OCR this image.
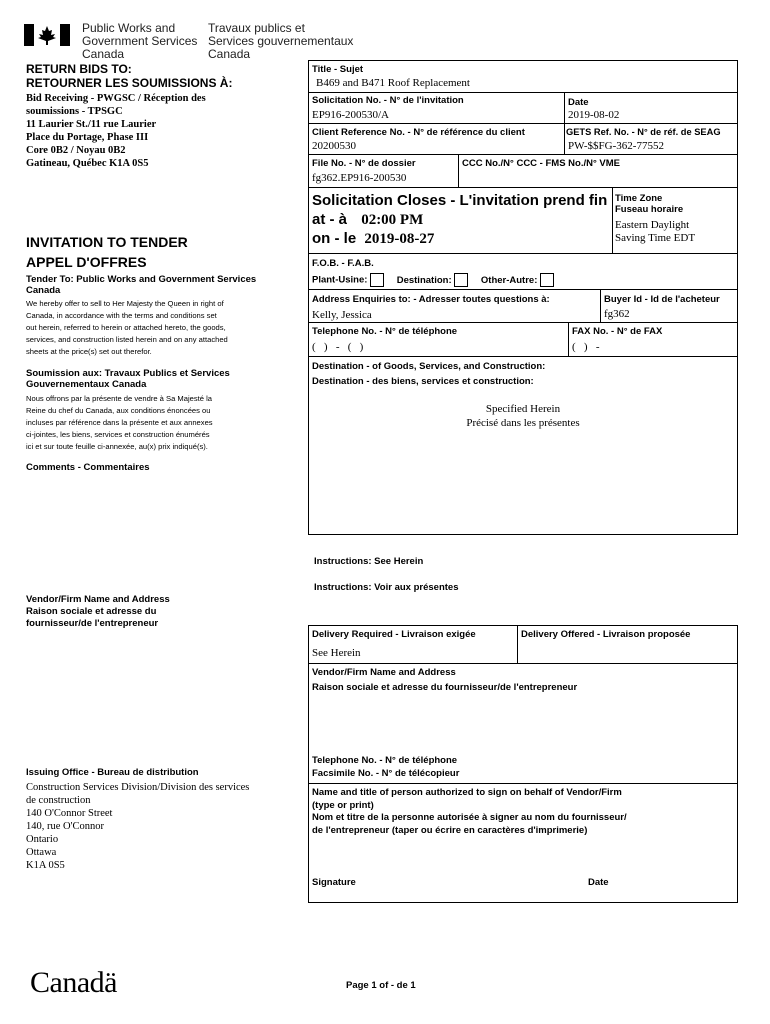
Public Works and
Government Services
Canada
Travaux publics et
Services gouvernementaux
Canada
RETURN BIDS TO:
RETOURNER LES SOUMISSIONS À:
Bid Receiving - PWGSC / Réception des
soumissions - TPSGC
11 Laurier St./11 rue Laurier
Place du Portage, Phase III
Core 0B2 / Noyau 0B2
Gatineau, Québec K1A 0S5
INVITATION TO TENDER
APPEL D'OFFRES
Tender To: Public Works and Government Services Canada
We hereby offer to sell to Her Majesty the Queen in right of
Canada, in accordance with the terms and conditions set
out herein, referred to herein or attached hereto, the goods,
services, and construction listed herein and on any attached
sheets at the price(s) set out therefor.
Soumission aux: Travaux Publics et Services Gouvernementaux Canada
Nous offrons par la présente de vendre à Sa Majesté la
Reine du chef du Canada, aux conditions énoncées ou
incluses par référence dans la présente et aux annexes
ci-jointes, les biens, services et construction énumérés
ici et sur toute feuille ci-annexée, au(x) prix indiqué(s).
Comments - Commentaires
Vendor/Firm Name and Address
Raison sociale et adresse du
fournisseur/de l'entrepreneur
Issuing Office - Bureau de distribution
Construction Services Division/Division des services
de construction
140 O'Connor Street
140, rue O'Connor
Ontario
Ottawa
K1A 0S5
Title - Sujet
B469 and B471 Roof Replacement
Solicitation No. - N° de l'invitation
EP916-200530/A
Date
2019-08-02
Client Reference No. - N° de référence du client
20200530
GETS Ref. No. - N° de réf. de SEAG
PW-$$FG-362-77552
File No. - N° de dossier
fg362.EP916-200530
CCC No./N° CCC - FMS No./N° VME
Solicitation Closes - L'invitation prend fin
at - à 02:00 PM
on - le 2019-08-27
Time Zone
Fuseau horaire
Eastern Daylight
Saving Time EDT
F.O.B. - F.A.B.
Plant-Usine:	Destination:	Other-Autre:
Address Enquiries to: - Adresser toutes questions à:
Kelly, Jessica
Buyer Id - Id de l'acheteur
fg362
Telephone No. - N° de téléphone
(   )   -   (   )
FAX No. - N° de FAX
(   )   -
Destination - of Goods, Services, and Construction:
Destination - des biens, services et construction:
Specified Herein
Précisé dans les présentes
Instructions: See Herein
Instructions: Voir aux présentes
Delivery Required - Livraison exigée
See Herein
Delivery Offered - Livraison proposée
Vendor/Firm Name and Address
Raison sociale et adresse du fournisseur/de l'entrepreneur
Telephone No. - N° de téléphone
Facsimile No. - N° de télécopieur
Name and title of person authorized to sign on behalf of Vendor/Firm
(type or print)
Nom et titre de la personne autorisée à signer au nom du fournisseur/
de l'entrepreneur (taper ou écrire en caractères d'imprimerie)
Signature	Date
Canadä	Page 1 of - de 1
